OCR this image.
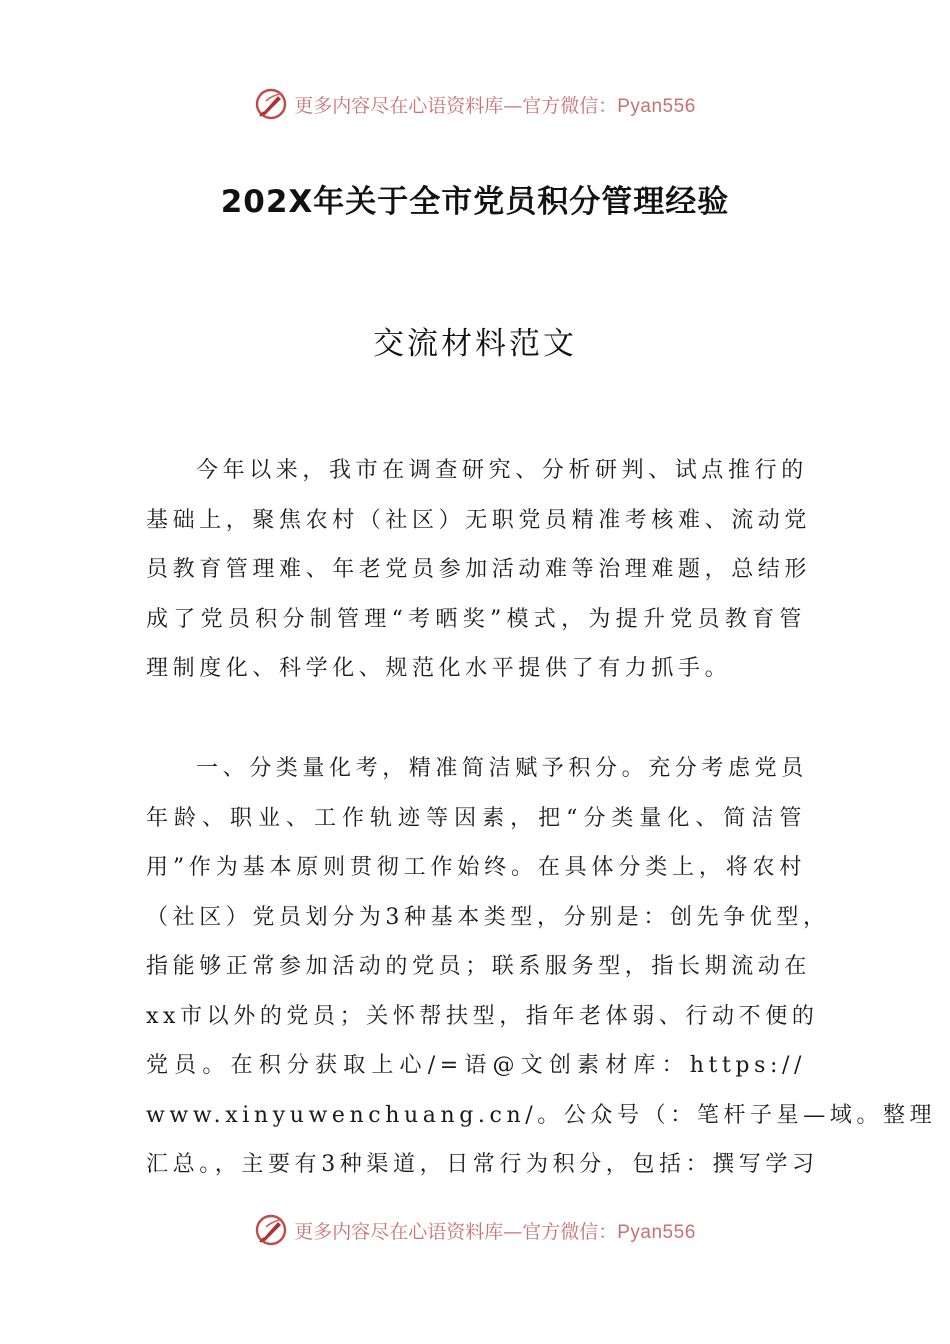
更多内容尽在心语资料库—官方微信：Pyan556
202X年关于全市党员积分管理经验
交流材料范文
今年以来，我市在调查研究、分析研判、试点推行的
基础上，聚焦农村（社区）无职党员精准考核难、流动党
员教育管理难、年老党员参加活动难等治理难题，总结形
成了党员积分制管理“考晒奖”模式，为提升党员教育管
理制度化、科学化、规范化水平提供了有力抓手。
一、分类量化考，精准简洁赋予积分。充分考虑党员
年龄、职业、工作轨迹等因素，把“分类量化、简洁管
用”作为基本原则贯彻工作始终。在具体分类上，将农村
（社区）党员划分为3种基本类型，分别是：创先争优型，
指能够正常参加活动的党员；联系服务型，指长期流动在
xx市以外的党员；关怀帮扶型，指年老体弱、行动不便的
党员。在积分获取上心/=语@文创素材库：https://
www.xinyuwenchuang.cn/。公众号（：笔杆子星—域。整理
汇总。，主要有3种渠道，日常行为积分，包括：撰写学习
更多内容尽在心语资料库—官方微信：Pyan556
